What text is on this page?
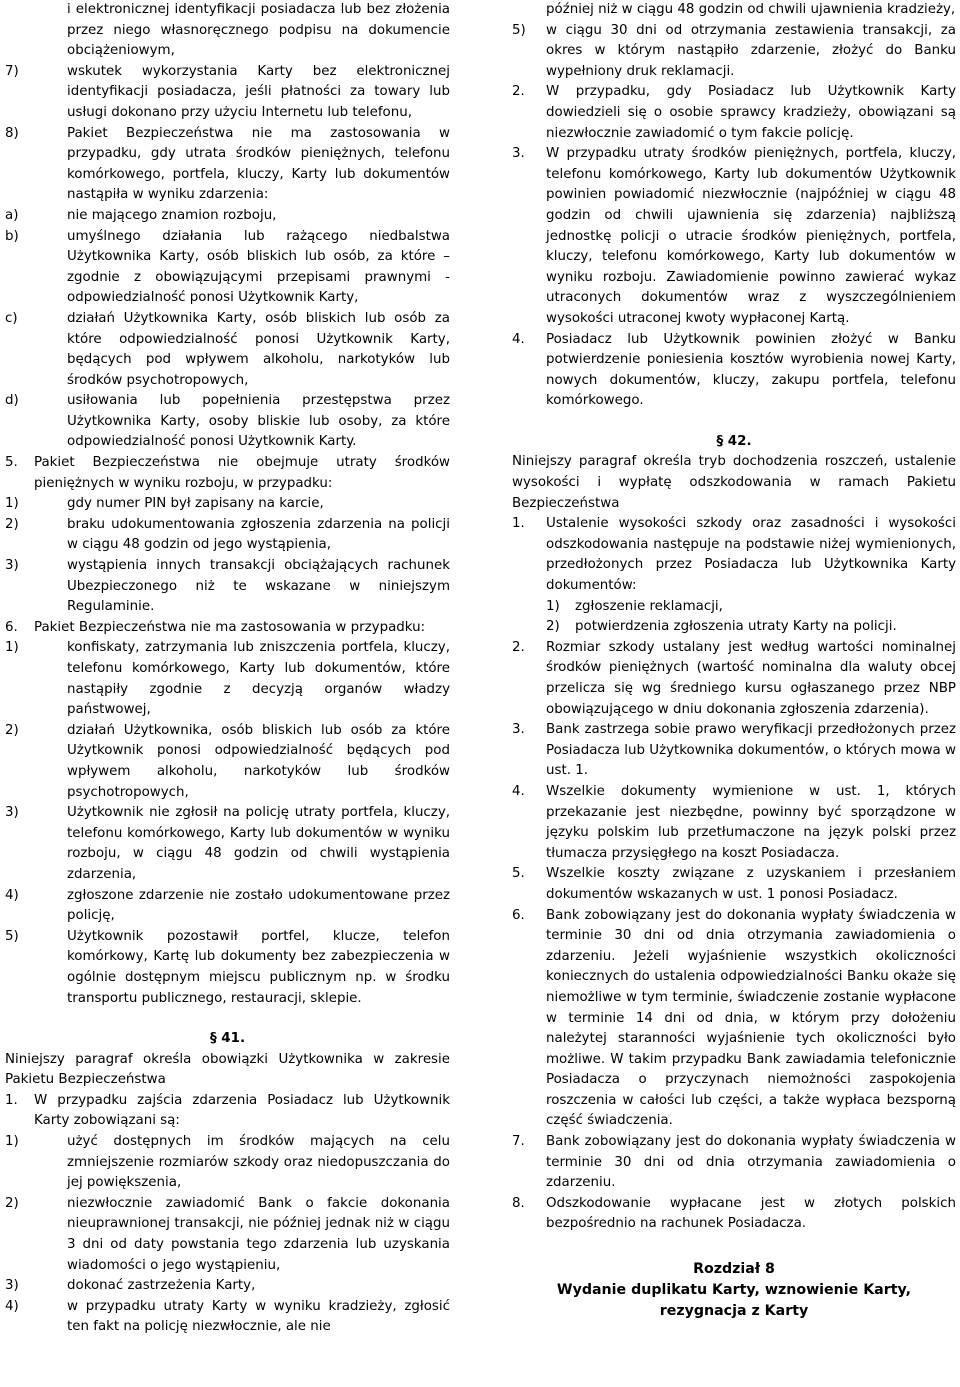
i elektronicznej identyfikacji posiadacza lub bez złożenia przez niego własnoręcznego podpisu na dokumencie obciążeniowym,
7)	wskutek wykorzystania Karty bez elektronicznej identyfikacji posiadacza, jeśli płatności za towary lub usługi dokonano przy użyciu Internetu lub telefonu,
8)	Pakiet Bezpieczeństwa nie ma zastosowania w przypadku, gdy utrata środków pieniężnych, telefonu komórkowego, portfela, kluczy, Karty lub dokumentów nastąpiła w wyniku zdarzenia:
a)	nie mającego znamion rozboju,
b)	umyślnego działania lub rażącego niedbalstwa Użytkownika Karty, osób bliskich lub osób, za które – zgodnie z obowiązującymi przepisami prawnymi - odpowiedzialność ponosi Użytkownik Karty,
c)	działań Użytkownika Karty, osób bliskich lub osób za które odpowiedzialność ponosi Użytkownik Karty, będących pod wpływem alkoholu, narkotyków lub środków psychotropowych,
d)	usiłowania lub popełnienia przestępstwa przez Użytkownika Karty, osoby bliskie lub osoby, za które odpowiedzialność ponosi Użytkownik Karty.
5.	Pakiet Bezpieczeństwa nie obejmuje utraty środków pieniężnych w wyniku rozboju, w przypadku:
1)	gdy numer PIN był zapisany na karcie,
2)	braku udokumentowania zgłoszenia zdarzenia na policji w ciągu 48 godzin od jego wystąpienia,
3)	wystąpienia innych transakcji obciążających rachunek Ubezpieczonego niż te wskazane w niniejszym Regulaminie.
6.	Pakiet Bezpieczeństwa nie ma zastosowania w przypadku:
1)	konfiskaty, zatrzymania lub zniszczenia portfela, kluczy, telefonu komórkowego, Karty lub dokumentów, które nastąpiły zgodnie z decyzją organów władzy państwowej,
2)	działań Użytkownika, osób bliskich lub osób za które Użytkownik ponosi odpowiedzialność będących pod wpływem alkoholu, narkotyków lub środków psychotropowych,
3)	Użytkownik nie zgłosił na policję utraty portfela, kluczy, telefonu komórkowego, Karty lub dokumentów w wyniku rozboju, w ciągu 48 godzin od chwili wystąpienia zdarzenia,
4)	zgłoszone zdarzenie nie zostało udokumentowane przez policję,
5)	Użytkownik pozostawił portfel, klucze, telefon komórkowy, Kartę lub dokumenty bez zabezpieczenia w ogólnie dostępnym miejscu publicznym np. w środku transportu publicznego, restauracji, sklepie.
§ 41.
Niniejszy paragraf określa obowiązki Użytkownika w zakresie Pakietu Bezpieczeństwa
1.	W przypadku zajścia zdarzenia Posiadacz lub Użytkownik Karty zobowiązani są:
1)	użyć dostępnych im środków mających na celu zmniejszenie rozmiarów szkody oraz niedopuszczania do jej powiększenia,
2)	niezwłocznie zawiadomić Bank o fakcie dokonania nieuprawnionej transakcji, nie później jednak niż w ciągu 3 dni od daty powstania tego zdarzenia lub uzyskania wiadomości o jego wystąpieniu,
3)	dokonać zastrzeżenia Karty,
4)	w przypadku utraty Karty w wyniku kradzieży, zgłosić ten fakt na policję niezwłocznie, ale nie
później niż w ciągu 48 godzin od chwili ujawnienia kradzieży,
5)	w ciągu 30 dni od otrzymania zestawienia transakcji, za okres w którym nastąpiło zdarzenie, złożyć do Banku wypełniony druk reklamacji.
2.	W przypadku, gdy Posiadacz lub Użytkownik Karty dowiedzieli się o osobie sprawcy kradzieży, obowiązani są niezwłocznie zawiadomić o tym fakcie policję.
3.	W przypadku utraty środków pieniężnych, portfela, kluczy, telefonu komórkowego, Karty lub dokumentów Użytkownik powinien powiadomić niezwłocznie (najpóźniej w ciągu 48 godzin od chwili ujawnienia się zdarzenia) najbliższą jednostkę policji o utracie środków pieniężnych, portfela, kluczy, telefonu komórkowego, Karty lub dokumentów w wyniku rozboju. Zawiadomienie powinno zawierać wykaz utraconych dokumentów wraz z wyszczególnieniem wysokości utraconej kwoty wypłaconej Kartą.
4.	Posiadacz lub Użytkownik powinien złożyć w Banku potwierdzenie poniesienia kosztów wyrobienia nowej Karty, nowych dokumentów, kluczy, zakupu portfela, telefonu komórkowego.
§ 42.
Niniejszy paragraf określa tryb dochodzenia roszczeń, ustalenie wysokości i wypłatę odszkodowania w ramach Pakietu Bezpieczeństwa
1.	Ustalenie wysokości szkody oraz zasadności i wysokości odszkodowania następuje na podstawie niżej wymienionych, przedłożonych przez Posiadacza lub Użytkownika Karty dokumentów:
1)	zgłoszenie reklamacji,
2)	potwierdzenia zgłoszenia utraty Karty na policji.
2.	Rozmiar szkody ustalany jest według wartości nominalnej środków pieniężnych (wartość nominalna dla waluty obcej przelicza się wg średniego kursu ogłaszanego przez NBP obowiązującego w dniu dokonania zgłoszenia zdarzenia).
3.	Bank zastrzega sobie prawo weryfikacji przedłożonych przez Posiadacza lub Użytkownika dokumentów, o których mowa w ust. 1.
4.	Wszelkie dokumenty wymienione w ust. 1, których przekazanie jest niezbędne, powinny być sporządzone w języku polskim lub przetłumaczone na język polski przez tłumacza przysięgłego na koszt Posiadacza.
5.	Wszelkie koszty związane z uzyskaniem i przesłaniem dokumentów wskazanych w ust. 1 ponosi Posiadacz.
6.	Bank zobowiązany jest do dokonania wypłaty świadczenia w terminie 30 dni od dnia otrzymania zawiadomienia o zdarzeniu. Jeżeli wyjaśnienie wszystkich okoliczności koniecznych do ustalenia odpowiedzialności Banku okaże się niemożliwe w tym terminie, świadczenie zostanie wypłacone w terminie 14 dni od dnia, w którym przy dołożeniu należytej staranności wyjaśnienie tych okoliczności było możliwe. W takim przypadku Bank zawiadamia telefonicznie Posiadacza o przyczynach niemożności zaspokojenia roszczenia w całości lub części, a także wypłaca bezsporną część świadczenia.
7.	Bank zobowiązany jest do dokonania wypłaty świadczenia w terminie 30 dni od dnia otrzymania zawiadomienia o zdarzeniu.
8.	Odszkodowanie wypłacane jest w złotych polskich bezpośrednio na rachunek Posiadacza.
Rozdział 8
Wydanie duplikatu Karty, wznowienie Karty, rezygnacja z Karty
